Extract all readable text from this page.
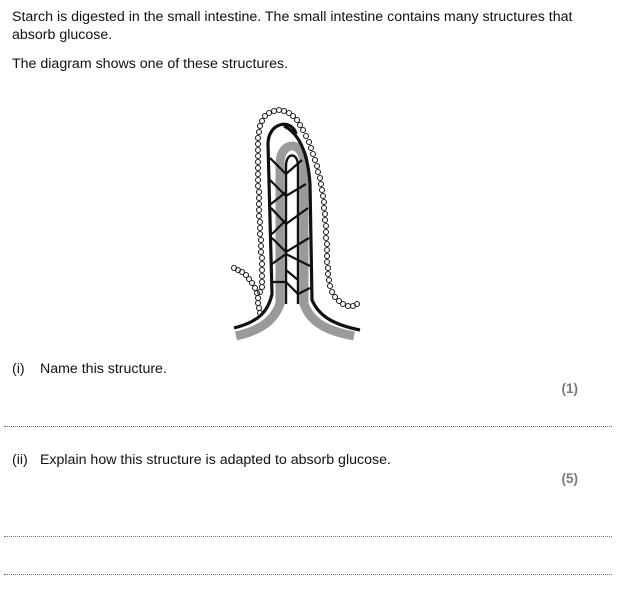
Starch is digested in the small intestine. The small intestine contains many structures that absorb glucose.

The diagram shows one of these structures.

(i) Name this structure.
(1)
(ii) Explain how this structure is adapted to absorb glucose.
(5)
